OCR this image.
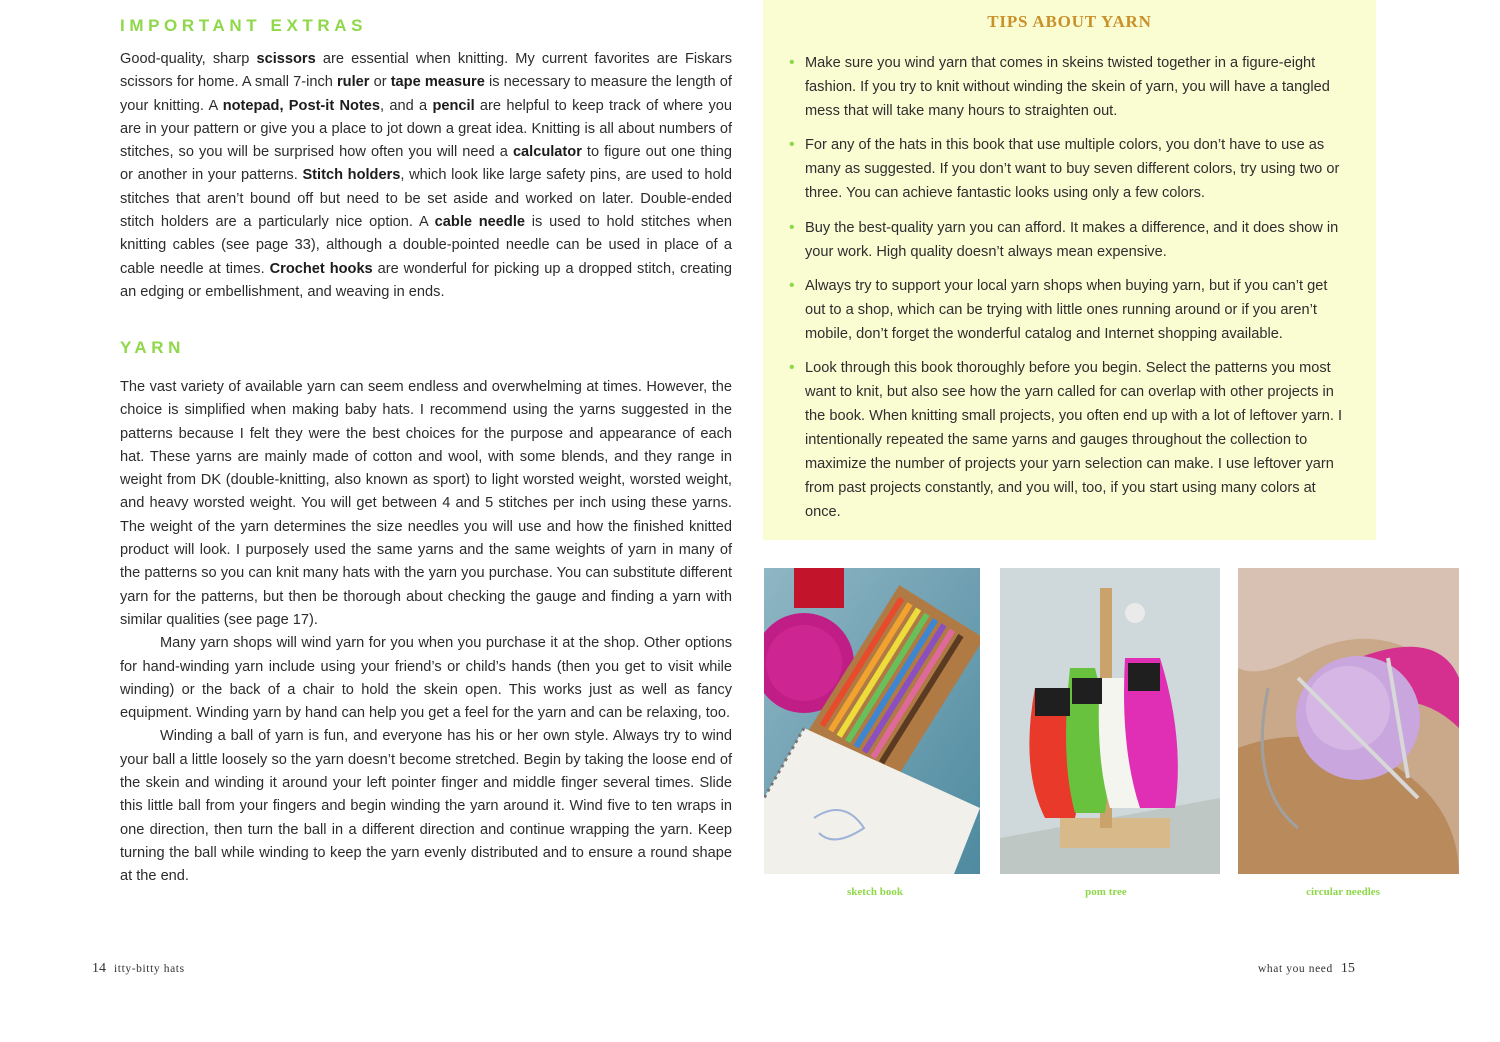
IMPORTANT EXTRAS
Good-quality, sharp scissors are essential when knitting. My current favorites are Fiskars scissors for home. A small 7-inch ruler or tape measure is necessary to measure the length of your knitting. A notepad, Post-it Notes, and a pencil are helpful to keep track of where you are in your pattern or give you a place to jot down a great idea. Knitting is all about numbers of stitches, so you will be surprised how often you will need a calculator to figure out one thing or another in your patterns. Stitch holders, which look like large safety pins, are used to hold stitches that aren’t bound off but need to be set aside and worked on later. Double-ended stitch holders are a particularly nice option. A cable needle is used to hold stitches when knitting cables (see page 33), although a double-pointed needle can be used in place of a cable needle at times. Crochet hooks are wonderful for picking up a dropped stitch, creating an edging or embellishment, and weaving in ends.
YARN

The vast variety of available yarn can seem endless and overwhelming at times. However, the choice is simplified when making baby hats. I recommend using the yarns suggested in the patterns because I felt they were the best choices for the purpose and appearance of each hat. These yarns are mainly made of cotton and wool, with some blends, and they range in weight from DK (double-knitting, also known as sport) to light worsted weight, worsted weight, and heavy worsted weight. You will get between 4 and 5 stitches per inch using these yarns. The weight of the yarn determines the size needles you will use and how the finished knitted product will look. I purposely used the same yarns and the same weights of yarn in many of the patterns so you can knit many hats with the yarn you purchase. You can substitute different yarn for the patterns, but then be thorough about checking the gauge and finding a yarn with similar qualities (see page 17).

Many yarn shops will wind yarn for you when you purchase it at the shop. Other options for hand-winding yarn include using your friend’s or child’s hands (then you get to visit while winding) or the back of a chair to hold the skein open. This works just as well as fancy equipment. Winding yarn by hand can help you get a feel for the yarn and can be relaxing, too.

Winding a ball of yarn is fun, and everyone has his or her own style. Always try to wind your ball a little loosely so the yarn doesn’t become stretched. Begin by taking the loose end of the skein and winding it around your left pointer finger and middle finger several times. Slide this little ball from your fingers and begin winding the yarn around it. Wind five to ten wraps in one direction, then turn the ball in a different direction and continue wrapping the yarn. Keep turning the ball while winding to keep the yarn evenly distributed and to ensure a round shape at the end.

14 itty-bitty hats

TIPS ABOUT YARN
• Make sure you wind yarn that comes in skeins twisted together in a figure-eight fashion. If you try to knit without winding the skein of yarn, you will have a tangled mess that will take many hours to straighten out.
• For any of the hats in this book that use multiple colors, you don’t have to use as many as suggested. If you don’t want to buy seven different colors, try using two or three. You can achieve fantastic looks using only a few colors.
• Buy the best-quality yarn you can afford. It makes a difference, and it does show in your work. High quality doesn’t always mean expensive.
• Always try to support your local yarn shops when buying yarn, but if you can’t get out to a shop, which can be trying with little ones running around or if you aren’t mobile, don’t forget the wonderful catalog and Internet shopping available.
• Look through this book thoroughly before you begin. Select the patterns you most want to knit, but also see how the yarn called for can overlap with other projects in the book. When knitting small projects, you often end up with a lot of leftover yarn. I intentionally repeated the same yarns and gauges throughout the collection to maximize the number of projects your yarn selection can make. I use leftover yarn from past projects constantly, and you will, too, if you start using many colors at once.

sketch book	pom tree	circular needles

what you need 15
